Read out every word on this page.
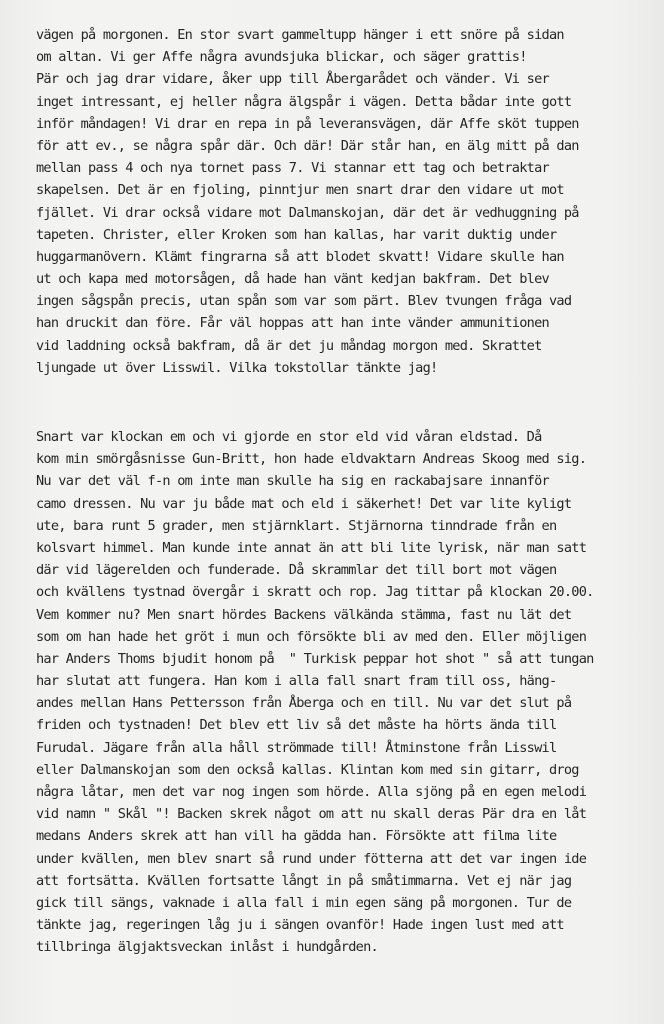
vägen på morgonen. En stor svart gammeltupp hänger i ett snöre på sidan
om altan. Vi ger Affe några avundsjuka blickar, och säger grattis!
Pär och jag drar vidare, åker upp till Åbergarådet och vänder. Vi ser
inget intressant, ej heller några älgspår i vägen. Detta bådar inte gott
inför måndagen! Vi drar en repa in på leveransvägen, där Affe sköt tuppen
för att ev., se några spår där. Och där! Där står han, en älg mitt på dan
mellan pass 4 och nya tornet pass 7. Vi stannar ett tag och betraktar
skapelsen. Det är en fjoling, pinntjur men snart drar den vidare ut mot
fjället. Vi drar också vidare mot Dalmanskojan, där det är vedhuggning på
tapeten. Christer, eller Kroken som han kallas, har varit duktig under
huggarmanövern. Klämt fingrarna så att blodet skvatt! Vidare skulle han
ut och kapa med motorsågen, då hade han vänt kedjan bakfram. Det blev
ingen sågspån precis, utan spån som var som pärt. Blev tvungen fråga vad
han druckit dan före. Får väl hoppas att han inte vänder ammunitionen
vid laddning också bakfram, då är det ju måndag morgon med. Skrattet
ljungade ut över Lisswil. Vilka tokstollar tänkte jag!
Snart var klockan em och vi gjorde en stor eld vid våran eldstad. Då
kom min smörgåsnisse Gun-Britt, hon hade eldvaktarn Andreas Skoog med sig.
Nu var det väl f-n om inte man skulle ha sig en rackabajsare innanför
camo dressen. Nu var ju både mat och eld i säkerhet! Det var lite kyligt
ute, bara runt 5 grader, men stjärnklart. Stjärnorna tinndrade från en
kolsvart himmel. Man kunde inte annat än att bli lite lyrisk, när man satt
där vid lägerelden och funderade. Då skrammlar det till bort mot vägen
och kvällens tystnad övergår i skratt och rop. Jag tittar på klockan 20.00.
Vem kommer nu? Men snart hördes Backens välkända stämma, fast nu lät det
som om han hade het gröt i mun och försökte bli av med den. Eller möjligen
har Anders Thoms bjudit honom på  " Turkisk peppar hot shot " så att tungan
har slutat att fungera. Han kom i alla fall snart fram till oss, häng-
andes mellan Hans Pettersson från Åberga och en till. Nu var det slut på
friden och tystnaden! Det blev ett liv så det måste ha hörts ända till
Furudal. Jägare från alla håll strömmade till! Åtminstone från Lisswil
eller Dalmanskojan som den också kallas. Klintan kom med sin gitarr, drog
några låtar, men det var nog ingen som hörde. Alla sjöng på en egen melodi
vid namn " Skål "! Backen skrek något om att nu skall deras Pär dra en låt
medans Anders skrek att han vill ha gädda han. Försökte att filma lite
under kvällen, men blev snart så rund under fötterna att det var ingen ide
att fortsätta. Kvällen fortsatte långt in på småtimmarna. Vet ej när jag
gick till sängs, vaknade i alla fall i min egen säng på morgonen. Tur de
tänkte jag, regeringen låg ju i sängen ovanför! Hade ingen lust med att
tillbringa älgjaktsveckan inlåst i hundgården.
